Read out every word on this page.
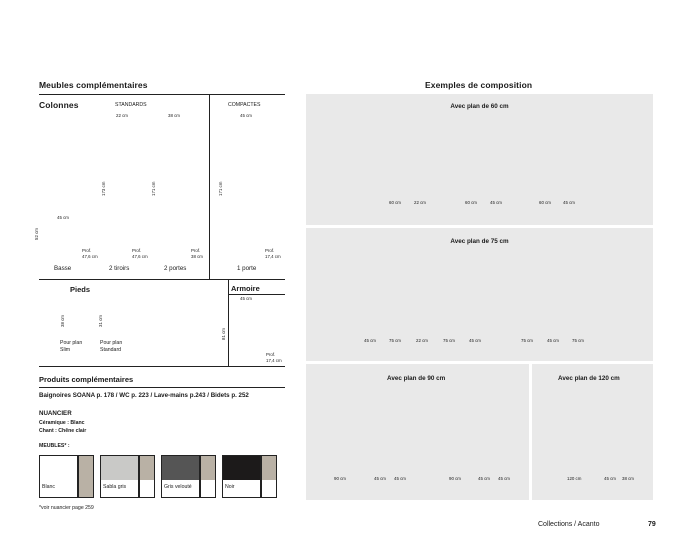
Meubles complémentaires
Colonnes	STANDARDS	COMPACTES
45 cm
52 cm
Prof.
47,6 cm
Basse
22 cm
173 cm
Prof.
47,6 cm
2 tiroirs
38 cm
171 cm
Prof.
38 cm
2 portes
45 cm
171 cm
Prof.
17,4 cm
1 porte
Pieds
38 cm	31 cm
Pour plan
Slim
Pour plan
Standard
Armoire
45 cm
81 cm
Prof.
17,4 cm
Produits complémentaires
Baignoires SOANA p. 178 / WC p. 223 / Lave-mains p.243 / Bidets p. 252
NUANCIER
Céramique : Blanc
Chant : Chêne clair
MEUBLES* :
Blanc	Sabla gris	Gris velouté	Noir
*voir nuancier page 259
Exemples de composition
Avec plan de 60 cm
Avec plan de 75 cm
Avec plan de 90 cm	Avec plan de 120 cm
60 cm	22 cm	60 cm	45 cm	60 cm	45 cm
45 cm	75 cm	22 cm	75 cm	45 cm	75 cm	45 cm	75 cm
90 cm	45 cm 45 cm	90 cm	45 cm 45 cm	120 cm	45 cm 38 cm
Collections / Acanto	79
